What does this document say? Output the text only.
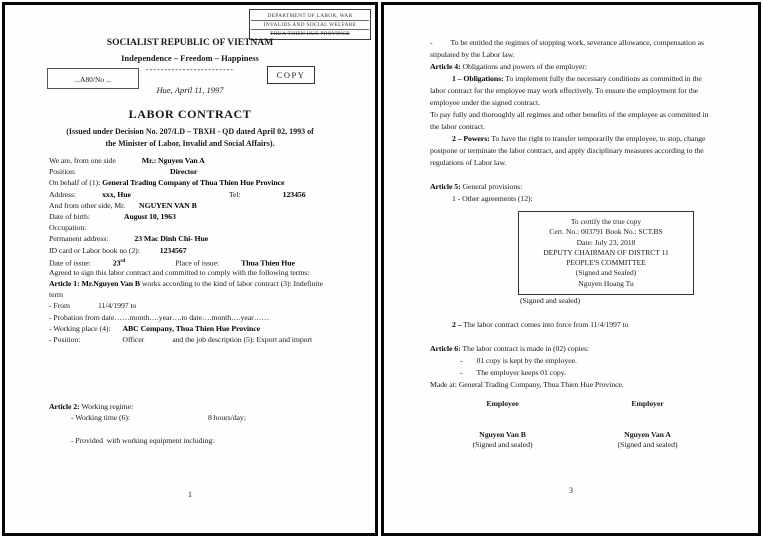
DEPARTMENT OF LABOR, WAR
INVALIDS AND SOCIAL WELFARE
THUA THIEN HUE PROVINCE
SOCIALIST REPUBLIC OF VIETNAM
Independence – Freedom – Happiness
------------------------
...A80/No ...	COPY
Hue, April 11, 1997
LABOR CONTRACT
(Issued under Decision No. 207/LD – TBXH - QD dated April 02, 1993 of
the Minister of Labor, Invalid and Social Affairs).
We are, from one side	Mr.: Nguyen Van A
Position:	Director
On behalf of (1): General Trading Company of Thua Thien Hue Province
Address:	xxx, Hue	Tel:	123456
And from other side, Mr. NGUYEN VAN B
Date of birth:	August 10, 1963
Occupation:
Permanent address:	23 Mac Dinh Chi- Hue
ID card or Labor book no (2):	1234567
Date of issue:	23rd	Place of issue:	Thua Thien Hue
Agreed to sign this labor contract and committed to comply with the following terms:
Article 1: Mr.Nguyen Van B works according to the kind of labor contract (3): Indefinite
term
- From	11/4/1997 to
- Probation from date……month….year….to date….month….year……
- Working place (4): ABC Company, Thua Thien Hue Province
- Position:	Officer	and the job description (5): Export and import
Article 2: Working regime:
- Working time (6):	8 hours/day;
- Provided  with working equipment including:
1
- To be entitled the regimes of stopping work, severance allowance, compensation as
stipulated by the Labor law.
Article 4: Obligations and powers of the employer:
1 – Obligations: To implement fully the necessary conditions as committed in the
labor contract for the employee may work effectively. To ensure the employment for the
employee under the signed contract.
To pay fully and thoroughly all regimes and other benefits of the employee as committed in
the labor contract.
2 – Powers: To have the right to transfer temporarily the employee, to stop, change
postpone or terminate the labor contract, and apply disciplinary measures according to the
regulations of Labor law.
Article 5: General provisions:
1 - Other agreements (12):
To certify the true copy
Cert. No.: 003791 Book No.: SCT.BS
Date: July 23, 2018
DEPUTY CHAIRMAN OF DISTRCT 11
PEOPLE'S COMMITTEE
(Signed and Sealed)
Nguyen Hoang Tu
(Signed and sealed)
2 – The labor contract comes into force from 11/4/1997 to
Article 6: The labor contract is made in (02) copies:
- 01 copy is kept by the employee.
- The employer keeps 01 copy.
Made at: General Trading Company, Thua Thien Hue Province.
Employee
Nguyen Van B
(Signed and sealed)
Employer
Nguyen Van A
(Signed and sealed)
3
